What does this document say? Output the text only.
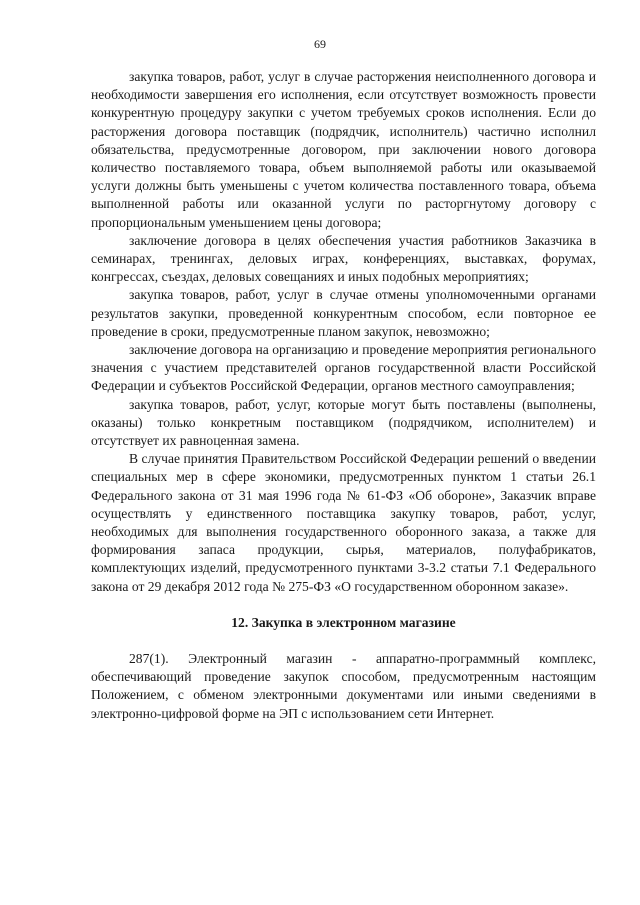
69

закупка товаров, работ, услуг в случае расторжения неисполненного договора и необходимости завершения его исполнения, если отсутствует возможность провести конкурентную процедуру закупки с учетом требуемых сроков исполнения. Если до расторжения договора поставщик (подрядчик, исполнитель) частично исполнил обязательства, предусмотренные договором, при заключении нового договора количество поставляемого товара, объем выполняемой работы или оказываемой услуги должны быть уменьшены с учетом количества поставленного товара, объема выполненной работы или оказанной услуги по расторгнутому договору с пропорциональным уменьшением цены договора;

заключение договора в целях обеспечения участия работников Заказчика в семинарах, тренингах, деловых играх, конференциях, выставках, форумах, конгрессах, съездах, деловых совещаниях и иных подобных мероприятиях;

закупка товаров, работ, услуг в случае отмены уполномоченными органами результатов закупки, проведенной конкурентным способом, если повторное ее проведение в сроки, предусмотренные планом закупок, невозможно;

заключение договора на организацию и проведение мероприятия регионального значения с участием представителей органов государственной власти Российской Федерации и субъектов Российской Федерации, органов местного самоуправления;

закупка товаров, работ, услуг, которые могут быть поставлены (выполнены, оказаны) только конкретным поставщиком (подрядчиком, исполнителем) и отсутствует их равноценная замена.

В случае принятия Правительством Российской Федерации решений о введении специальных мер в сфере экономики, предусмотренных пунктом 1 статьи 26.1 Федерального закона от 31 мая 1996 года № 61-ФЗ «Об обороне», Заказчик вправе осуществлять у единственного поставщика закупку товаров, работ, услуг, необходимых для выполнения государственного оборонного заказа, а также для формирования запаса продукции, сырья, материалов, полуфабрикатов, комплектующих изделий, предусмотренного пунктами 3-3.2 статьи 7.1 Федерального закона от 29 декабря 2012 года № 275-ФЗ «О государственном оборонном заказе».

12. Закупка в электронном магазине

287(1). Электронный магазин - аппаратно-программный комплекс, обеспечивающий проведение закупок способом, предусмотренным настоящим Положением, с обменом электронными документами или иными сведениями в электронно-цифровой форме на ЭП с использованием сети Интернет.
